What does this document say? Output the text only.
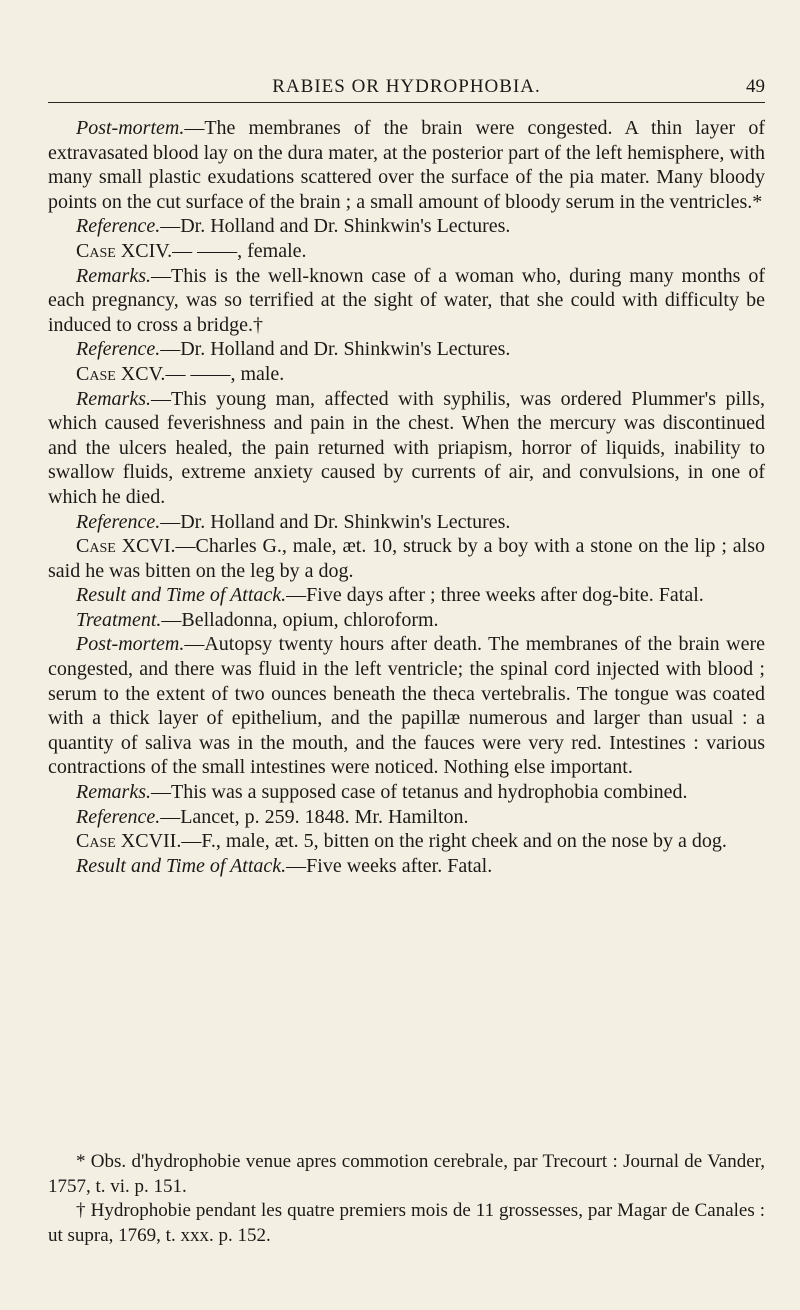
RABIES OR HYDROPHOBIA.	49

Post-mortem.—The membranes of the brain were congested. A thin layer of extravasated blood lay on the dura mater, at the posterior part of the left hemisphere, with many small plastic exudations scattered over the surface of the pia mater. Many bloody points on the cut surface of the brain ; a small amount of bloody serum in the ventricles.*

Reference.—Dr. Holland and Dr. Shinkwin's Lectures.

Case XCIV.— ——, female.

Remarks.—This is the well-known case of a woman who, during many months of each pregnancy, was so terrified at the sight of water, that she could with difficulty be induced to cross a bridge.†

Reference.—Dr. Holland and Dr. Shinkwin's Lectures.

Case XCV.— ——, male.

Remarks.—This young man, affected with syphilis, was ordered Plummer's pills, which caused feverishness and pain in the chest. When the mercury was discontinued and the ulcers healed, the pain returned with priapism, horror of liquids, inability to swallow fluids, extreme anxiety caused by currents of air, and convulsions, in one of which he died.

Reference.—Dr. Holland and Dr. Shinkwin's Lectures.

Case XCVI.—Charles G., male, æt. 10, struck by a boy with a stone on the lip ; also said he was bitten on the leg by a dog.

Result and Time of Attack.—Five days after ; three weeks after dog-bite. Fatal.

Treatment.—Belladonna, opium, chloroform.

Post-mortem.—Autopsy twenty hours after death. The membranes of the brain were congested, and there was fluid in the left ventricle; the spinal cord injected with blood ; serum to the extent of two ounces beneath the theca vertebralis. The tongue was coated with a thick layer of epithelium, and the papillæ numerous and larger than usual : a quantity of saliva was in the mouth, and the fauces were very red. Intestines : various contractions of the small intestines were noticed. Nothing else important.

Remarks.—This was a supposed case of tetanus and hydrophobia combined.

Reference.—Lancet, p. 259. 1848. Mr. Hamilton.

Case XCVII.—F., male, æt. 5, bitten on the right cheek and on the nose by a dog.

Result and Time of Attack.—Five weeks after. Fatal.

* Obs. d'hydrophobie venue apres commotion cerebrale, par Trecourt : Journal de Vander, 1757, t. vi. p. 151.

† Hydrophobie pendant les quatre premiers mois de 11 grossesses, par Magar de Canales : ut supra, 1769, t. xxx. p. 152.
